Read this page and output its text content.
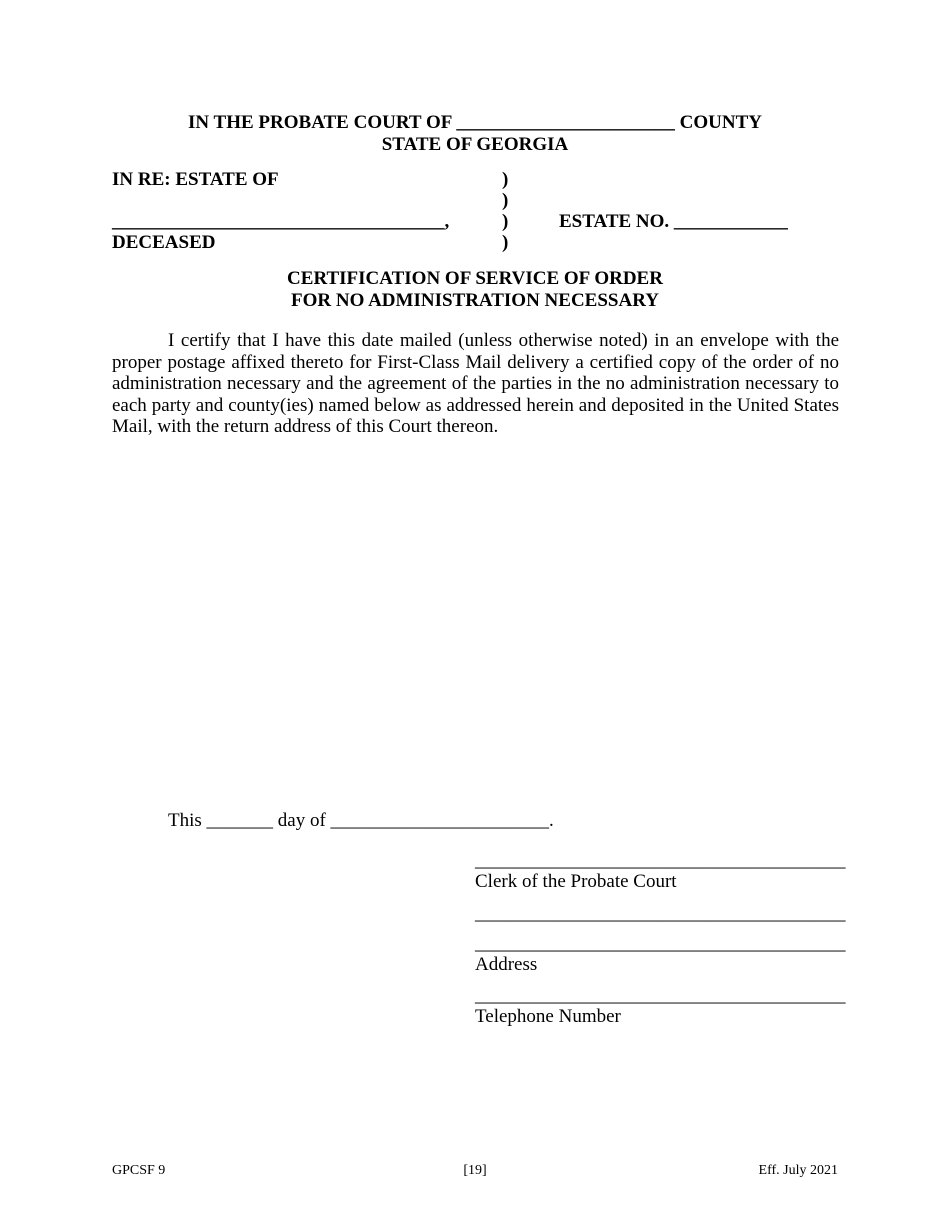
IN THE PROBATE COURT OF _______________________ COUNTY
STATE OF GEORGIA
IN RE: ESTATE OF
___________________________________,
DECEASED
)
)
)
)
ESTATE NO. ____________
CERTIFICATION OF SERVICE OF ORDER
FOR NO ADMINISTRATION NECESSARY
I certify that I have this date mailed (unless otherwise noted) in an envelope with the proper postage affixed thereto for First-Class Mail delivery a certified copy of the order of no administration necessary and the agreement of the parties in the no administration necessary to each party and county(ies) named below as addressed herein and deposited in the United States Mail, with the return address of this Court thereon.
This _______ day of _______________________.
_______________________________________
Clerk of the Probate Court
_______________________________________
_______________________________________
Address
_______________________________________
Telephone Number
GPCSF 9	[19]	Eff. July 2021
